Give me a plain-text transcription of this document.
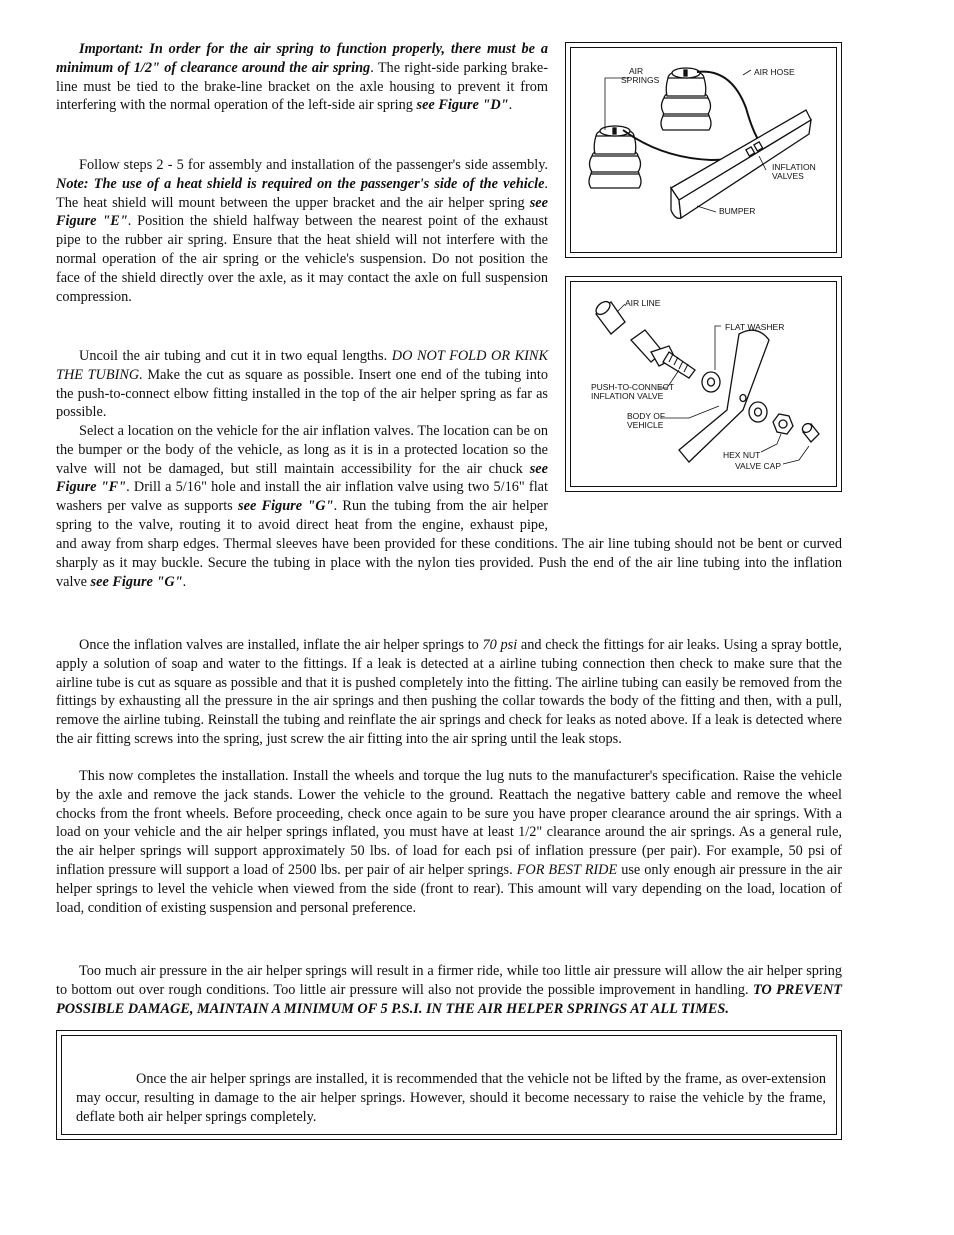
Important: In order for the air spring to function properly, there must be a minimum of 1/2" of clearance around the air spring. The right-side parking brake-line must be tied to the brake-line bracket on the axle housing to prevent it from interfering with the normal operation of the left-side air spring see Figure "D".

Follow steps 2 - 5 for assembly and installation of the passenger's side assembly. Note: The use of a heat shield is required on the passenger's side of the vehicle. The heat shield will mount between the upper bracket and the air helper spring see Figure "E". Position the shield halfway between the nearest point of the exhaust pipe to the rubber air spring. Ensure that the heat shield will not interfere with the normal operation of the air spring or the vehicle's suspension. Do not position the face of the shield directly over the axle, as it may contact the axle on full suspension compression.

Uncoil the air tubing and cut it in two equal lengths. DO NOT FOLD OR KINK THE TUBING. Make the cut as square as possible. Insert one end of the tubing into the push-to-connect elbow fitting installed in the top of the air helper spring as far as possible.

Select a location on the vehicle for the air inflation valves. The location can be on the bumper or the body of the vehicle, as long as it is in a protected location so the valve will not be damaged, but still maintain accessibility for the air chuck see Figure "F". Drill a 5/16" hole and install the air inflation valve using two 5/16" flat washers per valve as supports see Figure "G". Run the tubing from the air helper spring to the valve, routing it to avoid direct heat from the engine, exhaust pipe,

and away from sharp edges. Thermal sleeves have been provided for these conditions. The air line tubing should not be bent or curved sharply as it may buckle. Secure the tubing in place with the nylon ties provided. Push the end of the air line tubing into the inflation valve see Figure "G".

Once the inflation valves are installed, inflate the air helper springs to 70 psi and check the fittings for air leaks. Using a spray bottle, apply a solution of soap and water to the fittings. If a leak is detected at a airline tubing connection then check to make sure that the airline tube is cut as square as possible and that it is pushed completely into the fitting. The airline tubing can easily be removed from the fittings by exhausting all the pressure in the air springs and then pushing the collar towards the body of the fitting and then, with a pull, remove the airline tubing. Reinstall the tubing and reinflate the air springs and check for leaks as noted above. If a leak is detected where the air fitting screws into the spring, just screw the air fitting into the air spring until the leak stops.

This now completes the installation. Install the wheels and torque the lug nuts to the manufacturer's specification. Raise the vehicle by the axle and remove the jack stands. Lower the vehicle to the ground. Reattach the negative battery cable and remove the wheel chocks from the front wheels. Before proceeding, check once again to be sure you have proper clearance around the air springs. With a load on your vehicle and the air helper springs inflated, you must have at least 1/2" clearance around the air springs. As a general rule, the air helper springs will support approximately 50 lbs. of load for each psi of inflation pressure (per pair). For example, 50 psi of inflation pressure will support a load of 2500 lbs. per pair of air helper springs. FOR BEST RIDE use only enough air pressure in the air helper springs to level the vehicle when viewed from the side (front to rear). This amount will vary depending on the load, location of load, condition of existing suspension and personal preference.

Too much air pressure in the air helper springs will result in a firmer ride, while too little air pressure will allow the air helper spring to bottom out over rough conditions. Too little air pressure will also not provide the possible improvement in handling. TO PREVENT POSSIBLE DAMAGE, MAINTAIN A MINIMUM OF 5 P.S.I. IN THE AIR HELPER SPRINGS AT ALL TIMES.

Once the air helper springs are installed, it is recommended that the vehicle not be lifted by the frame, as over-extension may occur, resulting in damage to the air helper springs. However, should it become necessary to raise the vehicle by the frame, deflate both air helper springs completely.

AIR
SPRINGS
AIR HOSE
INFLATION
VALVES
BUMPER
AIR LINE
FLAT WASHER
PUSH-TO-CONNECT
INFLATION VALVE
BODY OF
VEHICLE
HEX NUT
VALVE CAP
